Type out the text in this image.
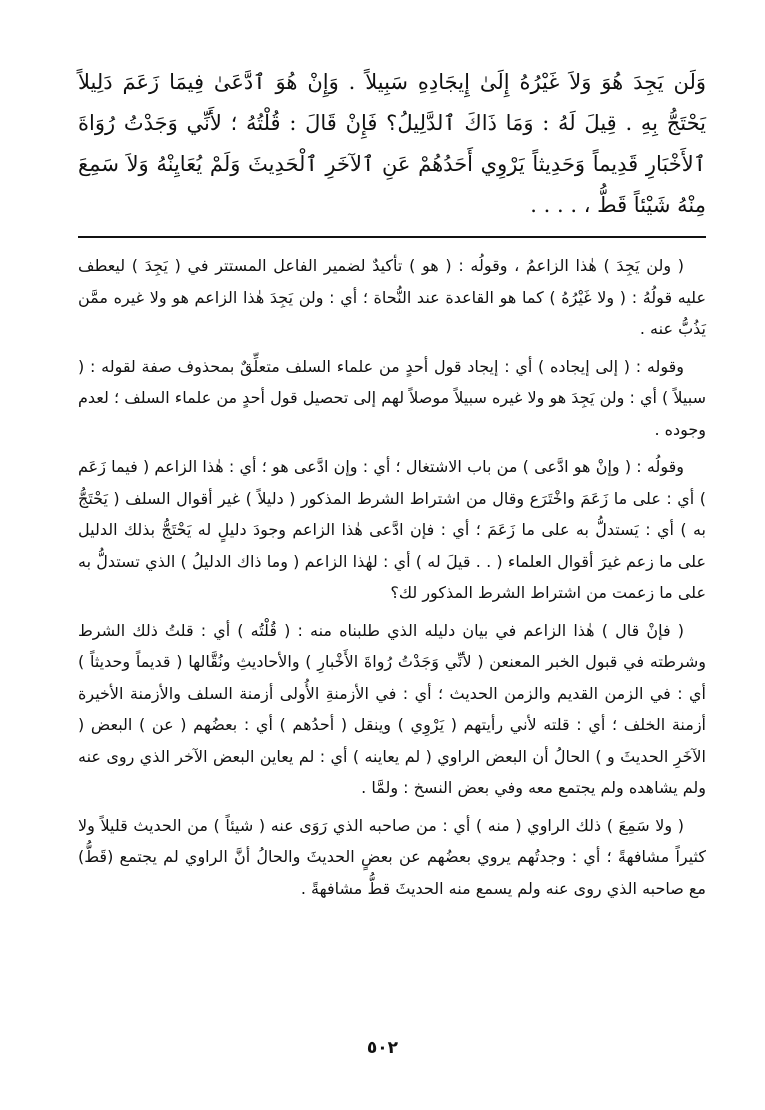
وَلَن يَجِدَ هُوَ وَلاَ غَيْرُهُ إِلَىٰ إِيجَادِهِ سَبِيلاً . وَإِنْ هُوَ ٱدَّعَىٰ فِيمَا زَعَمَ دَلِيلاً يَحْتَجُّ بِهِ . قِيلَ لَهُ : وَمَا ذَاكَ ٱلدَّلِيلُ؟ فَإِنْ قَالَ : قُلْتُهُ ؛ لأَنِّي وَجَدْتُ رُوَاةَ ٱلأَخْبَارِ قَدِيماً وَحَدِيثاً يَرْوِي أَحَدُهُمْ عَنِ ٱلآخَرِ ٱلْحَدِيثَ وَلَمْ يُعَايِنْهُ وَلاَ سَمِعَ مِنْهُ شَيْئاً قَطُّ ، . . . .

( ولن يَجِدَ ) هٰذا الزاعمُ ، وقولُه : ( هو ) تأكيدٌ لضمير الفاعل المستتر في ( يَجِدَ ) ليعطف عليه قولُهُ : ( ولا غَيْرُهُ ) كما هو القاعدة عند النُّحاة ؛ أي : ولن يَجِدَ هٰذا الزاعم هو ولا غيره ممَّن يَذُبُّ عنه .

وقوله : ( إلى إيجاده ) أي : إيجاد قول أحدٍ من علماء السلف متعلِّقٌ بمحذوف صفة لقوله : ( سبيلاً ) أي : ولن يَجِدَ هو ولا غيره سبيلاً موصلاً لهم إلى تحصيل قول أحدٍ من علماء السلف ؛ لعدم وجوده .

وقولُه : ( وإنْ هو ادَّعى ) من باب الاشتغال ؛ أي : وإن ادَّعى هو ؛ أي : هٰذا الزاعم ( فيما زَعَم ) أي : على ما زَعَمَ واخْتَرَع وقال من اشتراط الشرط المذكور ( دليلاً ) غير أقوال السلف ( يَحْتَجُّ به ) أي : يَستدلُّ به على ما زَعَمَ ؛ أي : فإن ادَّعى هٰذا الزاعم وجودَ دليلٍ له يَحْتَجُّ بذلك الدليل على ما زعم غيرَ أقوال العلماء ( . . قيلَ له ) أي : لهٰذا الزاعم ( وما ذاك الدليلُ ) الذي تستدلُّ به على ما زعمت من اشتراط الشرط المذكور لك؟

( فإنْ قال ) هٰذا الزاعم في بيان دليله الذي طلبناه منه : ( قُلْتُه ) أي : قلتُ ذلك الشرط وشرطته في قبول الخبر المعنعن ( لأنِّي وَجَدْتُ رُواةَ الأَخْبارِ ) والأحاديثِ ونُقَّالها ( قديماً وحديثاً ) أي : في الزمن القديم والزمن الحديث ؛ أي : في الأزمنةِ الأُولى أزمنة السلف والأزمنة الأخيرة أزمنة الخلف ؛ أي : قلته لأني رأيتهم ( يَرْوِي ) وينقل ( أحدُهم ) أي : بعضُهم ( عن ) البعض ( الآخَرِ الحديثَ و ) الحالُ أن البعض الراوي ( لم يعاينه ) أي : لم يعاين البعض الآخر الذي روى عنه ولم يشاهده ولم يجتمع معه وفي بعض النسخ : ولمَّا .

( ولا سَمِعَ ) ذلك الراوي ( منه ) أي : من صاحبه الذي رَوَى عنه ( شيئاً ) من الحديث قليلاً ولا كثيراً مشافهةً ؛ أي : وجدتُهم يروي بعضُهم عن بعضٍ الحديثَ والحالُ أنَّ الراوي لم يجتمع (قَطُّ) مع صاحبه الذي روى عنه ولم يسمع منه الحديثَ قطُّ مشافهةً .

٥٠٢
